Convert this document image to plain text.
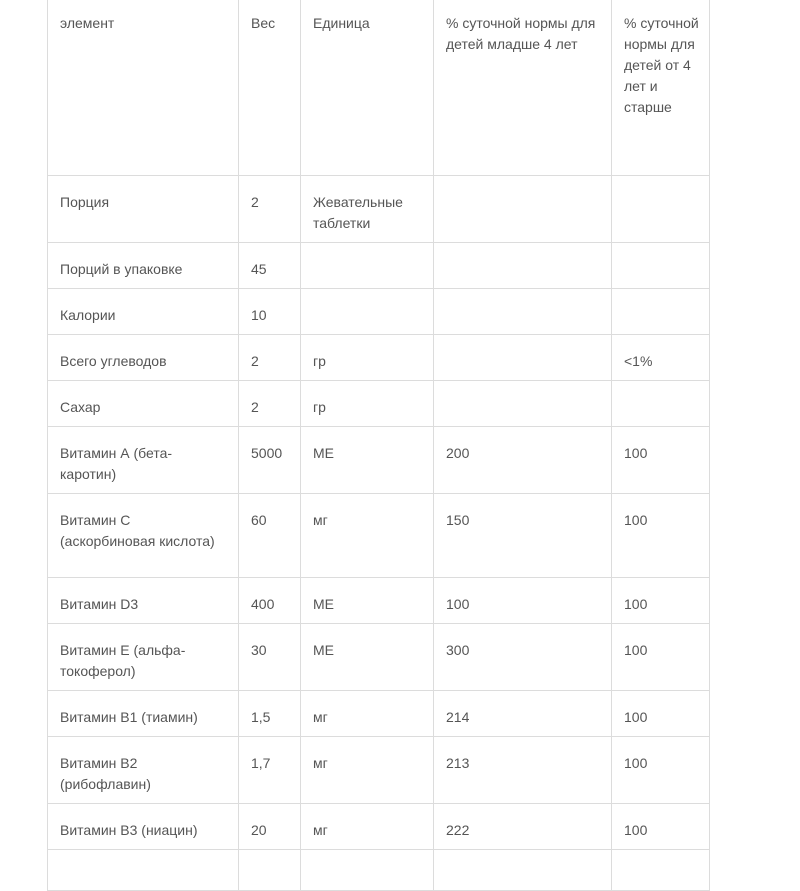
элемент	Вес	Единица	% суточной нормы для детей младше 4 лет	% суточной нормы для детей от 4 лет и старше
Порция	2	Жевательные таблетки		
Порций в упаковке	45			
Калории	10			
Всего углеводов	2	гр		<1%
Сахар	2	гр		
Витамин А (бета-каротин)	5000	МЕ	200	100
Витамин С (аскорбиновая кислота)	60	мг	150	100
Витамин D3	400	МЕ	100	100
Витамин Е (альфа-токоферол)	30	МЕ	300	100
Витамин В1 (тиамин)	1,5	мг	214	100
Витамин В2 (рибофлавин)	1,7	мг	213	100
Витамин В3 (ниацин)	20	мг	222	100
